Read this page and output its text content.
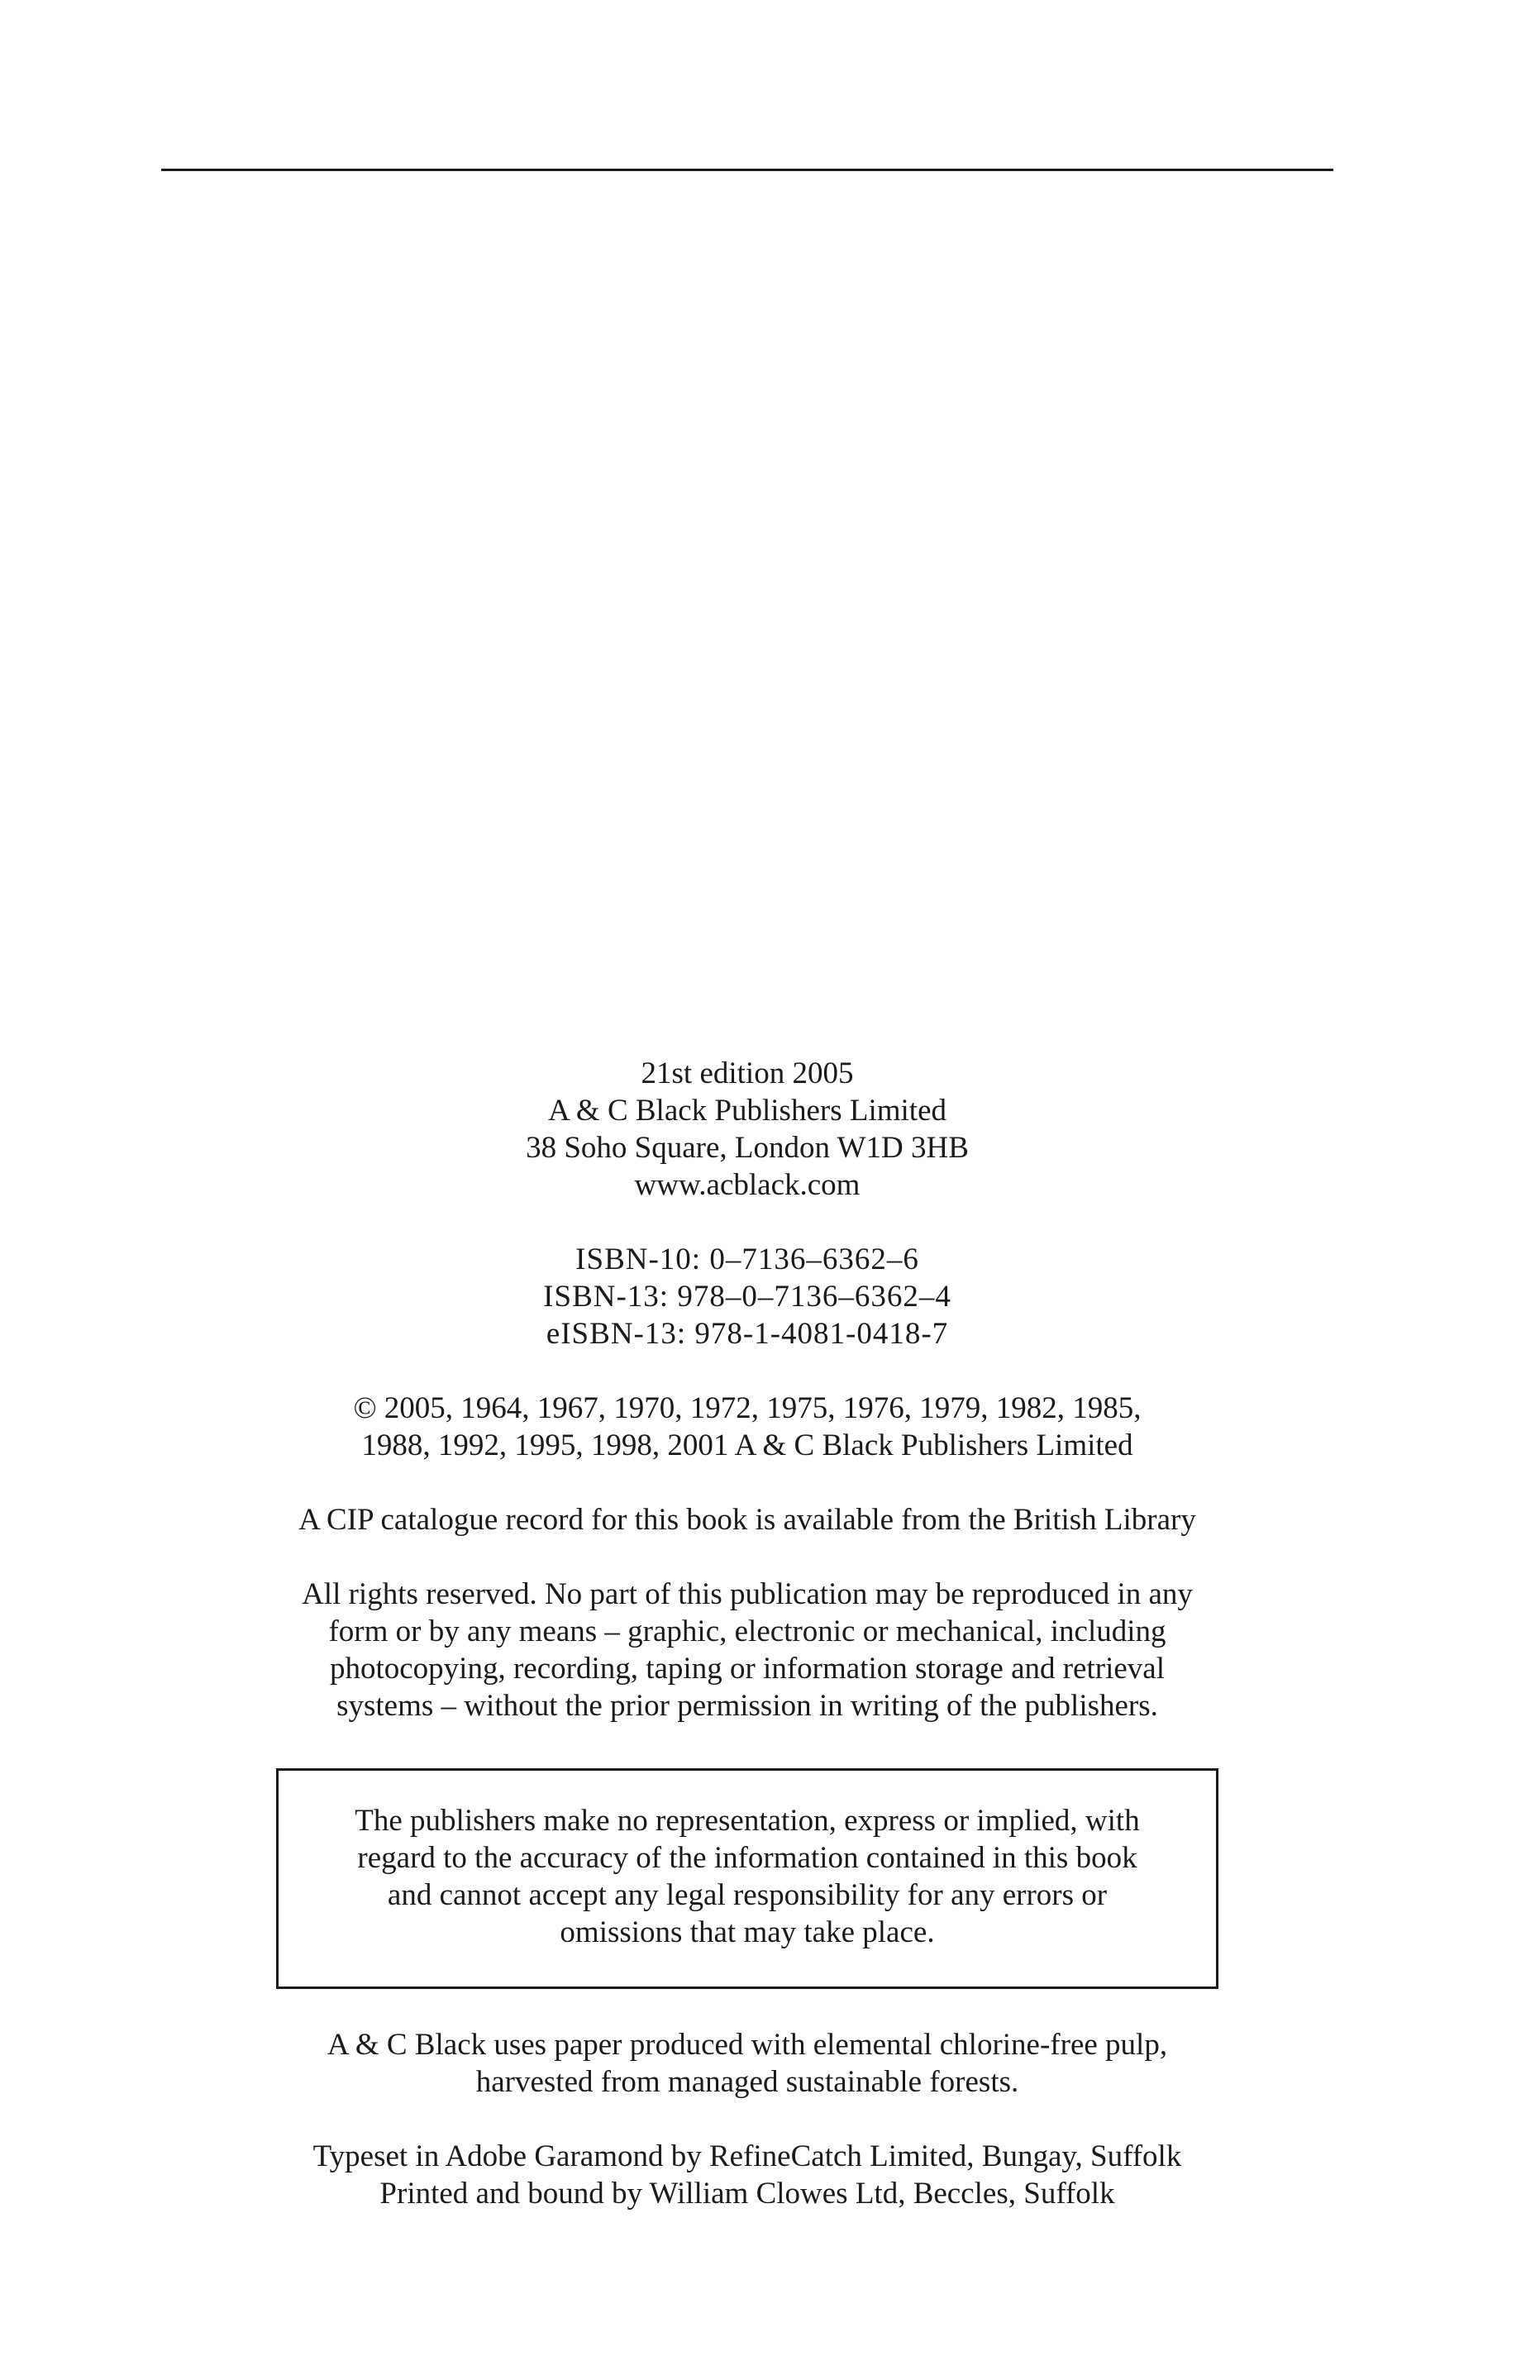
21st edition 2005
A & C Black Publishers Limited
38 Soho Square, London W1D 3HB
www.acblack.com
ISBN-10: 0–7136–6362–6
ISBN-13: 978–0–7136–6362–4
eISBN-13: 978-1-4081-0418-7
© 2005, 1964, 1967, 1970, 1972, 1975, 1976, 1979, 1982, 1985,
1988, 1992, 1995, 1998, 2001 A & C Black Publishers Limited
A CIP catalogue record for this book is available from the British Library
All rights reserved. No part of this publication may be reproduced in any
form or by any means – graphic, electronic or mechanical, including
photocopying, recording, taping or information storage and retrieval
systems – without the prior permission in writing of the publishers.
The publishers make no representation, express or implied, with
regard to the accuracy of the information contained in this book
and cannot accept any legal responsibility for any errors or
omissions that may take place.
A & C Black uses paper produced with elemental chlorine-free pulp,
harvested from managed sustainable forests.
Typeset in Adobe Garamond by RefineCatch Limited, Bungay, Suffolk
Printed and bound by William Clowes Ltd, Beccles, Suffolk
